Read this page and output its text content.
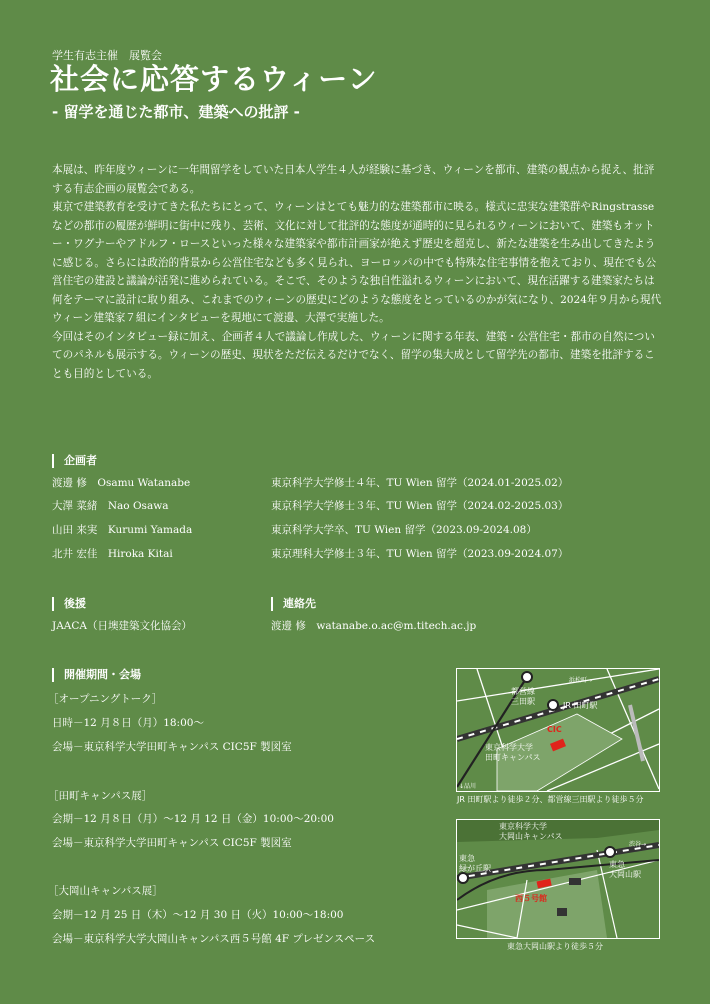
学生有志主催　展覧会
社会に応答するウィーン
- 留学を通じた都市、建築への批評 -

本展は、昨年度ウィーンに一年間留学をしていた日本人学生４人が経験に基づき、ウィーンを都市、建築の観点から捉え、批評する有志企画の展覧会である。

東京で建築教育を受けてきた私たちにとって、ウィーンはとても魅力的な建築都市に映る。様式に忠実な建築群やRingstrasseなどの都市の履歴が鮮明に街中に残り、芸術、文化に対して批評的な態度が通時的に見られるウィーンにおいて、建築もオットー・ワグナーやアドルフ・ロースといった様々な建築家や都市計画家が絶えず歴史を超克し、新たな建築を生み出してきたように感じる。さらには政治的背景から公営住宅なども多く見られ、ヨーロッパの中でも特殊な住宅事情を抱えており、現在でも公営住宅の建設と議論が活発に進められている。そこで、そのような独自性溢れるウィーンにおいて、現在活躍する建築家たちは何をテーマに設計に取り組み、これまでのウィーンの歴史にどのような態度をとっているのかが気になり、2024年９月から現代ウィーン建築家７組にインタビューを現地にて渡邊、大澤で実施した。

今回はそのインタビュー録に加え、企画者４人で議論し作成した、ウィーンに関する年表、建築・公営住宅・都市の自然についてのパネルも展示する。ウィーンの歴史、現状をただ伝えるだけでなく、留学の集大成として留学先の都市、建築を批評することも目的としている。

企画者
渡邊 修　Osamu Watanabe	東京科学大学修士４年、TU Wien 留学（2024.01-2025.02）
大澤 菜緒　Nao Osawa	東京科学大学修士３年、TU Wien 留学（2024.02-2025.03）
山田 来実　Kurumi Yamada	東京科学大学卒、TU Wien 留学（2023.09-2024.08）
北井 宏佳　Hiroka Kitai	東京理科大学修士３年、TU Wien 留学（2023.09-2024.07）
後援
JAACA（日墺建築文化協会）
連絡先
渡邊 修　watanabe.o.ac@m.titech.ac.jp
開催期間・会場
［オープニングトーク］
日時－12 月８日（月）18:00～
会場－東京科学大学田町キャンパス CIC5F 製図室
［田町キャンパス展］
会期－12 月８日（月）～12 月 12 日（金）10:00～20:00
会場－東京科学大学田町キャンパス CIC5F 製図室
［大岡山キャンパス展］
会期－12 月 25 日（木）～12 月 30 日（火）10:00～18:00
会場－東京科学大学大岡山キャンパス西５号館 4F プレゼンスペース
都営線
三田駅	JR 田町駅
CIC
東京科学大学
田町キャンパス
浜松町→
↓品川
JR 田町駅より徒歩２分、都営線三田駅より徒歩５分
東京科学大学
大岡山キャンパス
東急
緑が丘駅	東急
大岡山駅
西５号館
渋谷→
東急大岡山駅より徒歩５分
